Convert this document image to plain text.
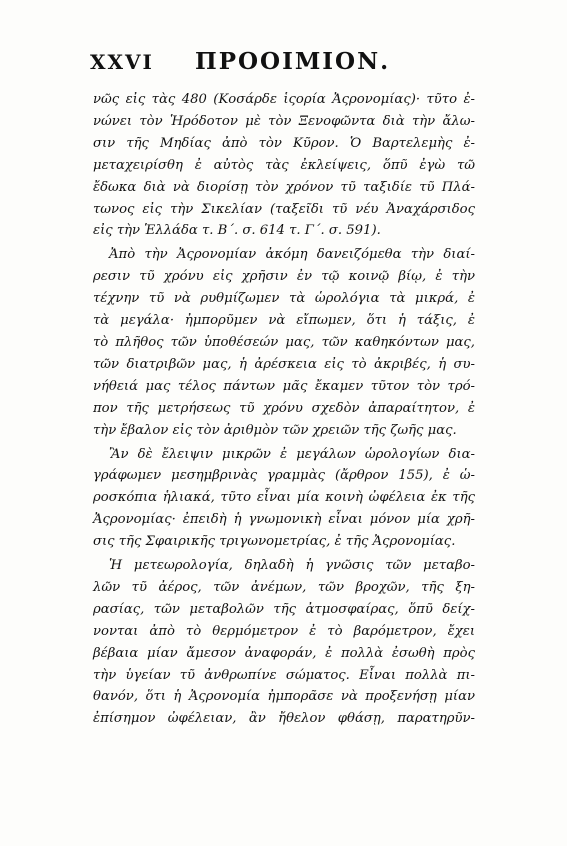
XXVI ΠΡΟΟΙΜΙΟΝ.
νῶς εἰς τὰς 480 (Κοσάρδε ἱςορία Ἀςρονομίας)· τῦτο ἐ-
νώνει τὸν Ἡρόδοτον μὲ τὸν Ξενοφῶντα διὰ τὴν ἄλω-
σιν τῆς Μηδίας ἀπὸ τὸν Κῦρον. Ὁ Βαρτελεμὴς ἐ-
μεταχειρίσθη ἐ αὐτὸς τὰς ἐκλείψεις, ὅπῦ ἐγὼ τῶ
ἔδωκα διὰ νὰ διορίσῃ τὸν χρόνον τῦ ταξιδίε τῦ Πλά-
τωνος εἰς τὴν Σικελίαν (ταξεῖδι τῦ νέυ Ἀναχάρσιδος
εἰς τὴν Ἑλλάδα τ. Β΄. σ. 614 τ. Γ΄. σ. 591).
Ἀπὸ τὴν Ἀςρονομίαν ἀκόμη δανειζόμεθα τὴν διαί-
ρεσιν τῦ χρόνυ εἰς χρῆσιν ἐν τῷ κοινῷ βίῳ, ἐ τὴν
τέχνην τῦ νὰ ρυθμίζωμεν τὰ ὡρολόγια τὰ μικρά, ἐ
τὰ μεγάλα· ἠμπορῦμεν νὰ εἴπωμεν, ὅτι ἡ τάξις, ἐ
τὸ πλῆθος τῶν ὑποθέσεών μας, τῶν καθηκόντων μας,
τῶν διατριβῶν μας, ἡ ἀρέσκεια εἰς τὸ ἀκριβές, ἡ συ-
νήθειά μας τέλος πάντων μᾶς ἔκαμεν τῦτον τὸν τρό-
πον τῆς μετρήσεως τῦ χρόνυ σχεδὸν ἀπαραίτητον, ἐ
τὴν ἔβαλον εἰς τὸν ἀριθμὸν τῶν χρειῶν τῆς ζωῆς μας.
Ἂν δὲ ἔλειψιν μικρῶν ἐ μεγάλων ὡρολογίων δια-
γράφωμεν μεσημβρινὰς γραμμὰς (ἄρθρον 155), ἐ ὡ-
ροσκόπια ἡλιακά, τῦτο εἶναι μία κοινὴ ὠφέλεια ἐκ τῆς
Ἀςρονομίας· ἐπειδὴ ἡ γνωμονικὴ εἶναι μόνον μία χρῆ-
σις τῆς Σφαιρικῆς τριγωνομετρίας, ἐ τῆς Ἀςρονομίας.
Ἡ μετεωρολογία, δηλαδὴ ἡ γνῶσις τῶν μεταβο-
λῶν τῦ ἀέρος, τῶν ἀνέμων, τῶν βροχῶν, τῆς ξη-
ρασίας, τῶν μεταβολῶν τῆς ἀτμοσφαίρας, ὅπῦ δείχ-
νονται ἀπὸ τὸ θερμόμετρον ἐ τὸ βαρόμετρον, ἔχει
βέβαια μίαν ἄμεσον ἀναφοράν, ἐ πολλὰ ἐσωθὴ πρὸς
τὴν ὑγείαν τῦ ἀνθρωπίνε σώματος. Εἶναι πολλὰ πι-
θανόν, ὅτι ἡ Ἀςρονομία ἠμπορᾶσε νὰ προξενήσῃ μίαν
ἐπίσημον ὠφέλειαν, ἂν ἤθελον φθάσῃ, παρατηρῦν-
